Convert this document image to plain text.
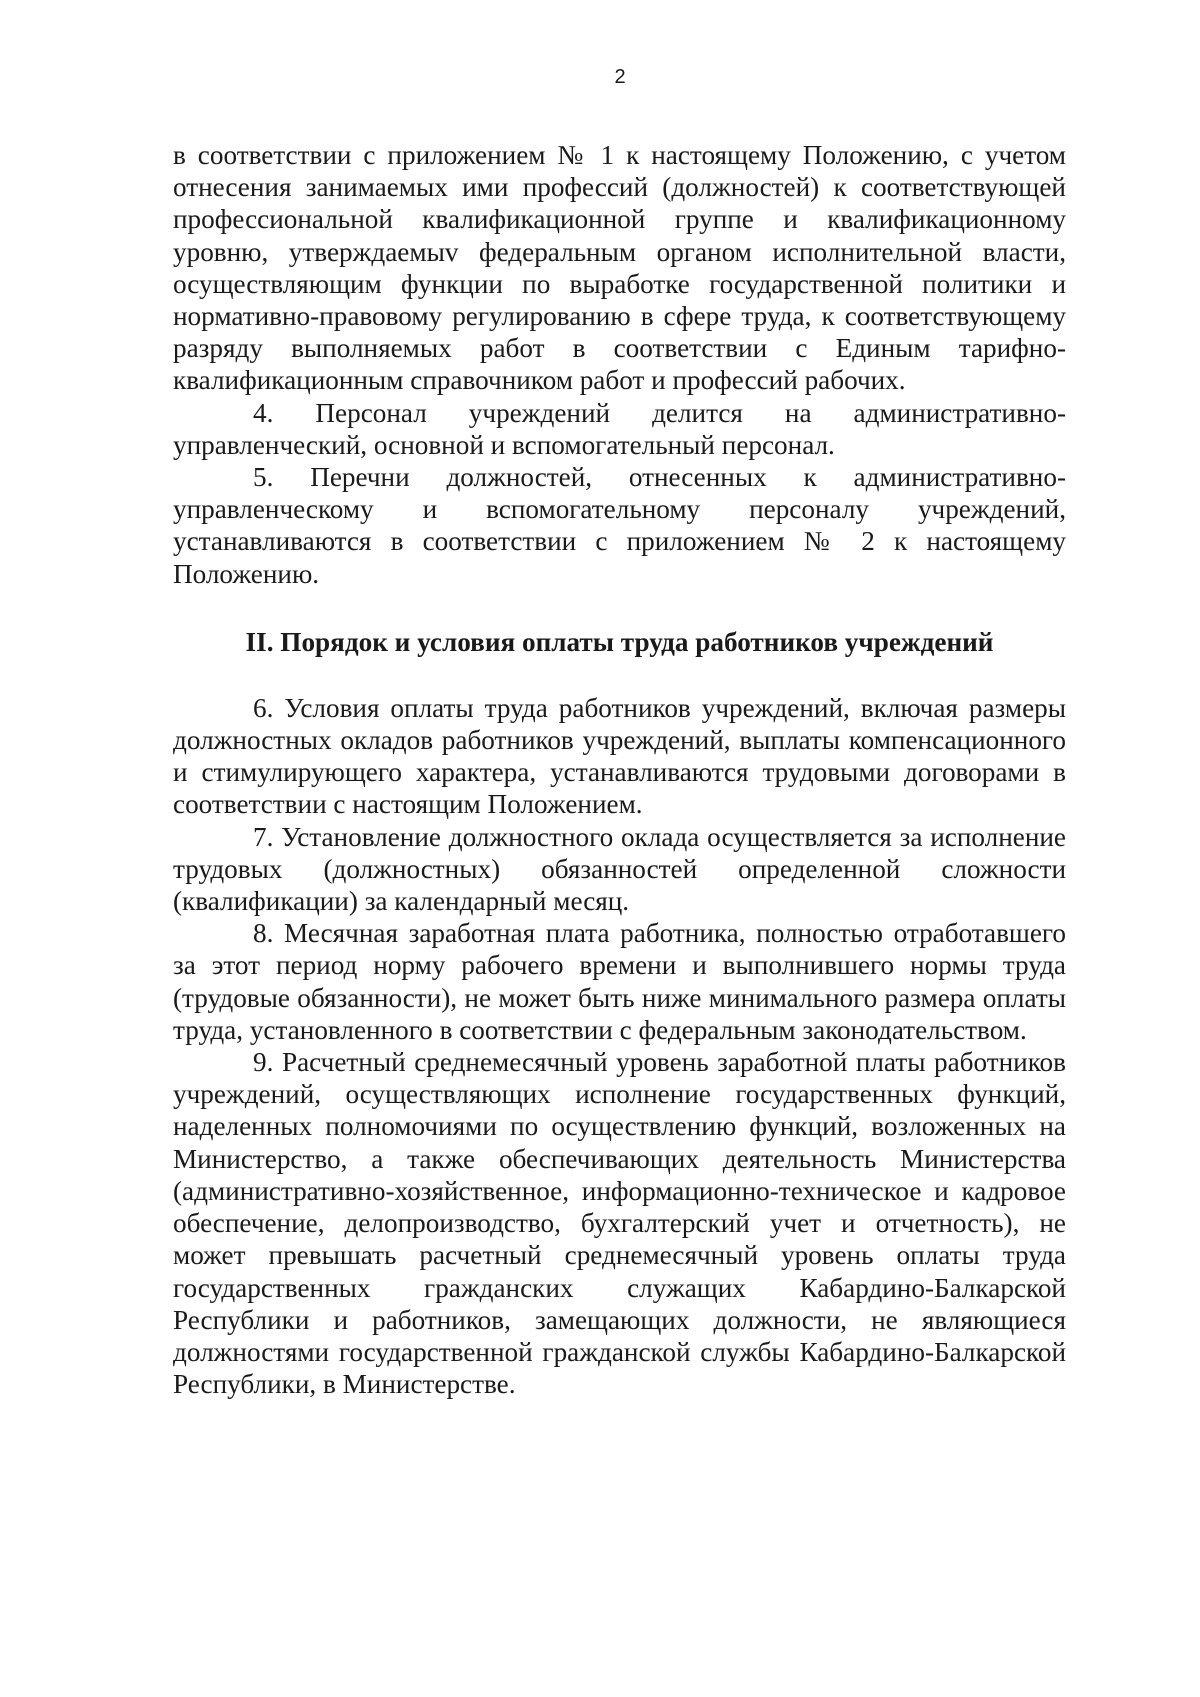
2

в соответствии с приложением № 1 к настоящему Положению, с учетом отнесения занимаемых ими профессий (должностей) к соответствующей профессиональной квалификационной группе и квалификационному уровню, утверждаемыv федеральным органом исполнительной власти, осуществляющим функции по выработке государственной политики и нормативно-правовому регулированию в сфере труда, к соответствующему разряду выполняемых работ в соответствии с Единым тарифно-квалификационным справочником работ и профессий рабочих.

4. Персонал учреждений делится на административно-управленческий, основной и вспомогательный персонал.

5. Перечни должностей, отнесенных к административно-управленческому и вспомогательному персоналу учреждений, устанавливаются в соответствии с приложением № 2 к настоящему Положению.

II. Порядок и условия оплаты труда работников учреждений

6. Условия оплаты труда работников учреждений, включая размеры должностных окладов работников учреждений, выплаты компенсационного и стимулирующего характера, устанавливаются трудовыми договорами в соответствии с настоящим Положением.

7. Установление должностного оклада осуществляется за исполнение трудовых (должностных) обязанностей определенной сложности (квалификации) за календарный месяц.

8. Месячная заработная плата работника, полностью отработавшего за этот период норму рабочего времени и выполнившего нормы труда (трудовые обязанности), не может быть ниже минимального размера оплаты труда, установленного в соответствии с федеральным законодательством.

9. Расчетный среднемесячный уровень заработной платы работников учреждений, осуществляющих исполнение государственных функций, наделенных полномочиями по осуществлению функций, возложенных на Министерство, а также обеспечивающих деятельность Министерства (административно-хозяйственное, информационно-техническое и кадровое обеспечение, делопроизводство, бухгалтерский учет и отчетность), не может превышать расчетный среднемесячный уровень оплаты труда государственных гражданских служащих Кабардино-Балкарской Республики и работников, замещающих должности, не являющиеся должностями государственной гражданской службы Кабардино-Балкарской Республики, в Министерстве.
